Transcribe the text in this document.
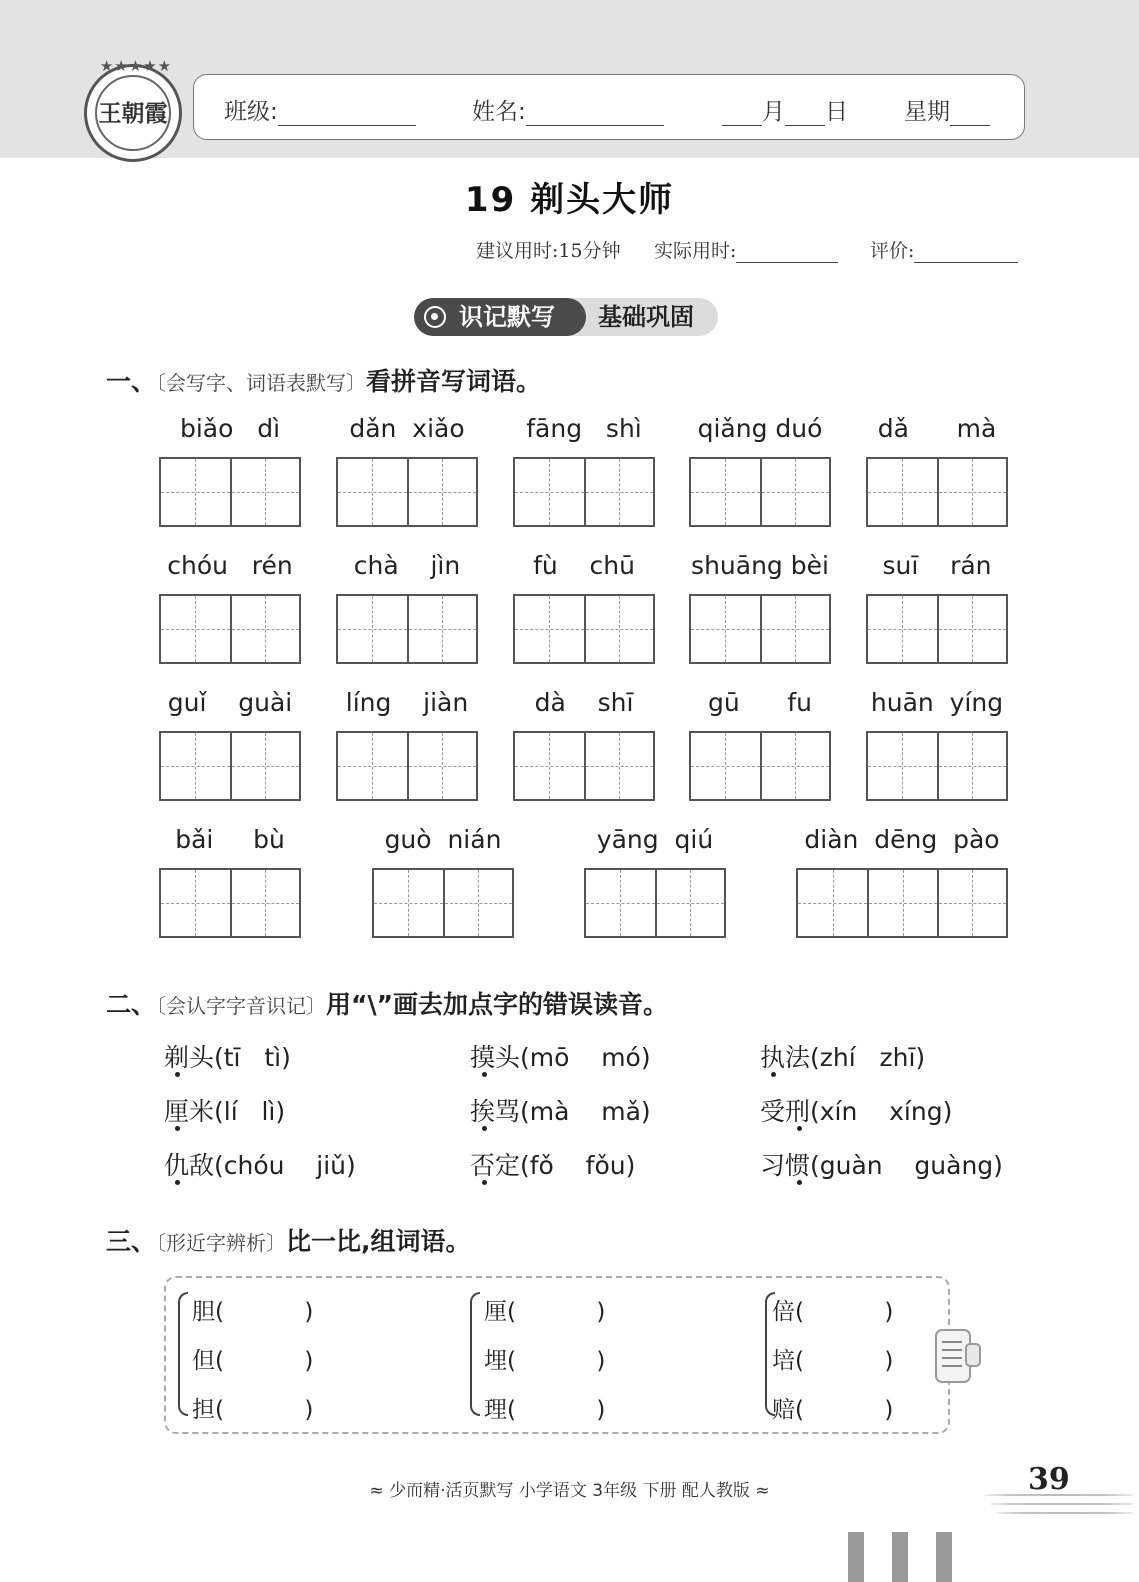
★★★★★
王朝霞	班级:	姓名:	月 日 星期
19 剃头大师
建议用时:15分钟 实际用时:	评价:
基础巩固
识记默写
一、〔会写字、词语表默写〕看拼音写词语。
biǎo   dì	dǎn  xiǎo	fāng   shì	qiǎng duó	dǎ      mà
chóu   rén	chà    jìn	fù    chū	shuāng bèi	suī    rán
guǐ    guài	líng    jiàn	dà    shī	gū      fu	huān  yíng
bǎi     bù	guò  nián	yāng  qiú	diàn  dēng  pào
二、〔会认字字音识记〕用“\”画去加点字的错误读音。
剃头(tī   tì)	摸头(mō    mó)	执法(zhí   zhī)
厘米(lí   lì)	挨骂(mà    mǎ)	受刑(xín    xíng)
仇敌(chóu    jiǔ)	否定(fǒ    fǒu)	习惯(guàn    guàng)
三、〔形近字辨析〕比一比,组词语。
胆(           )
但(           )
担(           )
厘(           )
埋(           )
理(           )
倍(           )
培(           )
赔(           )
≈ 少而精·活页默写 小学语文 3年级 下册 配人教版 ≈	39
